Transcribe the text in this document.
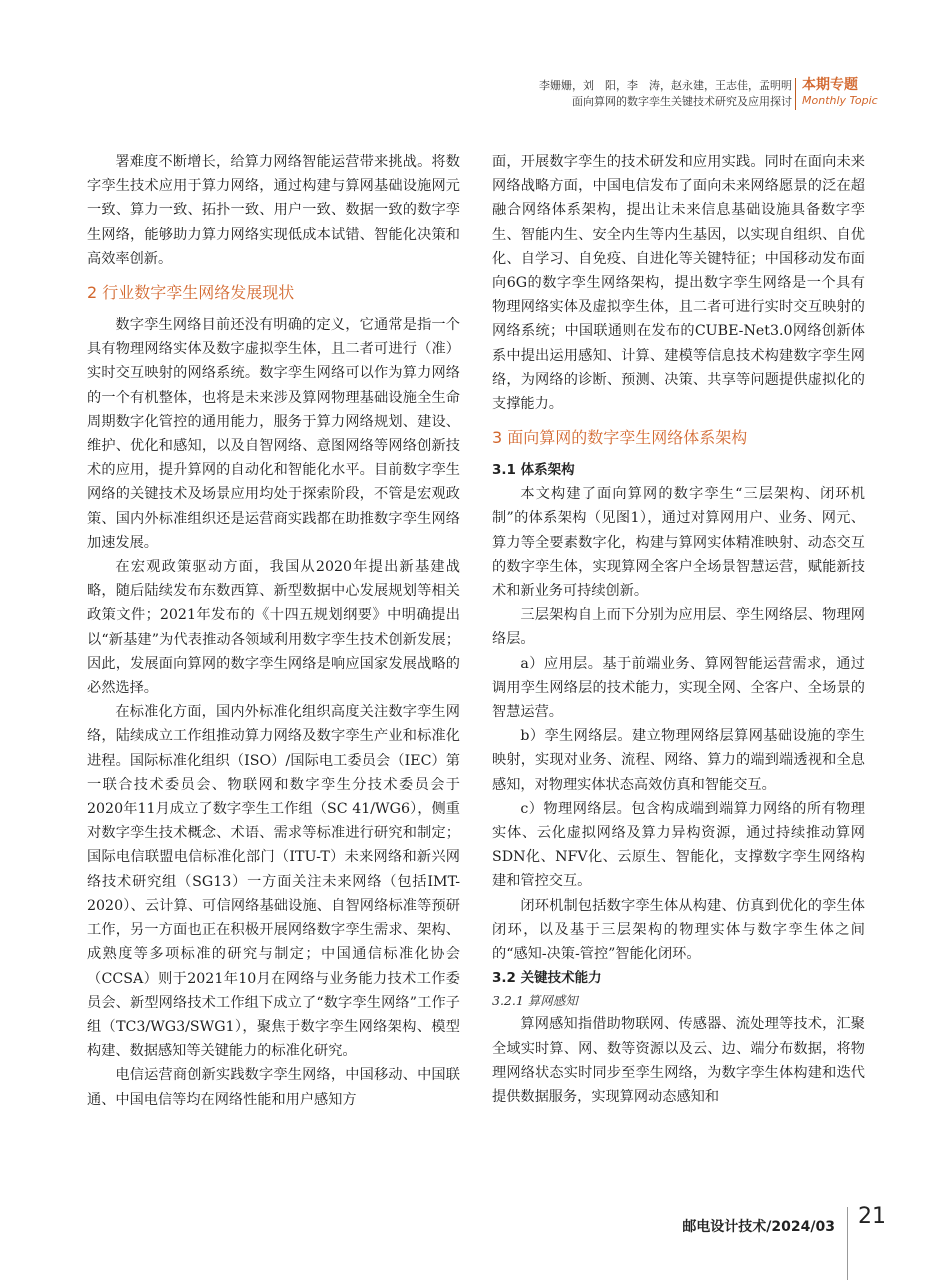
李姗姗，刘　阳，李　涛，赵永建，王志佳，孟明明
面向算网的数字孪生关键技术研究及应用探讨
本期专题
Monthly Topic

署难度不断增长，给算力网络智能运营带来挑战。将数字孪生技术应用于算力网络，通过构建与算网基础设施网元一致、算力一致、拓扑一致、用户一致、数据一致的数字孪生网络，能够助力算力网络实现低成本试错、智能化决策和高效率创新。

2 行业数字孪生网络发展现状

数字孪生网络目前还没有明确的定义，它通常是指一个具有物理网络实体及数字虚拟孪生体，且二者可进行（准）实时交互映射的网络系统。数字孪生网络可以作为算力网络的一个有机整体，也将是未来涉及算网物理基础设施全生命周期数字化管控的通用能力，服务于算力网络规划、建设、维护、优化和感知，以及自智网络、意图网络等网络创新技术的应用，提升算网的自动化和智能化水平。目前数字孪生网络的关键技术及场景应用均处于探索阶段，不管是宏观政策、国内外标准组织还是运营商实践都在助推数字孪生网络加速发展。

在宏观政策驱动方面，我国从2020年提出新基建战略，随后陆续发布东数西算、新型数据中心发展规划等相关政策文件；2021年发布的《十四五规划纲要》中明确提出以“新基建”为代表推动各领域利用数字孪生技术创新发展；因此，发展面向算网的数字孪生网络是响应国家发展战略的必然选择。

在标准化方面，国内外标准化组织高度关注数字孪生网络，陆续成立工作组推动算力网络及数字孪生产业和标准化进程。国际标准化组织（ISO）/国际电工委员会（IEC）第一联合技术委员会、物联网和数字孪生分技术委员会于2020年11月成立了数字孪生工作组（SC 41/WG6），侧重对数字孪生技术概念、术语、需求等标准进行研究和制定；国际电信联盟电信标准化部门（ITU-T）未来网络和新兴网络技术研究组（SG13）一方面关注未来网络（包括IMT-2020）、云计算、可信网络基础设施、自智网络标准等预研工作，另一方面也正在积极开展网络数字孪生需求、架构、成熟度等多项标准的研究与制定；中国通信标准化协会（CCSA）则于2021年10月在网络与业务能力技术工作委员会、新型网络技术工作组下成立了“数字孪生网络”工作子组（TC3/WG3/SWG1），聚焦于数字孪生网络架构、模型构建、数据感知等关键能力的标准化研究。

电信运营商创新实践数字孪生网络，中国移动、中国联通、中国电信等均在网络性能和用户感知方

面，开展数字孪生的技术研发和应用实践。同时在面向未来网络战略方面，中国电信发布了面向未来网络愿景的泛在超融合网络体系架构，提出让未来信息基础设施具备数字孪生、智能内生、安全内生等内生基因，以实现自组织、自优化、自学习、自免疫、自进化等关键特征；中国移动发布面向6G的数字孪生网络架构，提出数字孪生网络是一个具有物理网络实体及虚拟孪生体，且二者可进行实时交互映射的网络系统；中国联通则在发布的CUBE-Net3.0网络创新体系中提出运用感知、计算、建模等信息技术构建数字孪生网络，为网络的诊断、预测、决策、共享等问题提供虚拟化的支撑能力。

3 面向算网的数字孪生网络体系架构
3.1 体系架构

本文构建了面向算网的数字孪生“三层架构、闭环机制”的体系架构（见图1），通过对算网用户、业务、网元、算力等全要素数字化，构建与算网实体精准映射、动态交互的数字孪生体，实现算网全客户全场景智慧运营，赋能新技术和新业务可持续创新。

三层架构自上而下分别为应用层、孪生网络层、物理网络层。

a）应用层。基于前端业务、算网智能运营需求，通过调用孪生网络层的技术能力，实现全网、全客户、全场景的智慧运营。

b）孪生网络层。建立物理网络层算网基础设施的孪生映射，实现对业务、流程、网络、算力的端到端透视和全息感知，对物理实体状态高效仿真和智能交互。

c）物理网络层。包含构成端到端算力网络的所有物理实体、云化虚拟网络及算力异构资源，通过持续推动算网SDN化、NFV化、云原生、智能化，支撑数字孪生网络构建和管控交互。

闭环机制包括数字孪生体从构建、仿真到优化的孪生体闭环，以及基于三层架构的物理实体与数字孪生体之间的“感知-决策-管控”智能化闭环。

3.2 关键技术能力
3.2.1 算网感知

算网感知指借助物联网、传感器、流处理等技术，汇聚全域实时算、网、数等资源以及云、边、端分布数据，将物理网络状态实时同步至孪生网络，为数字孪生体构建和迭代提供数据服务，实现算网动态感知和

邮电设计技术/2024/03 21
